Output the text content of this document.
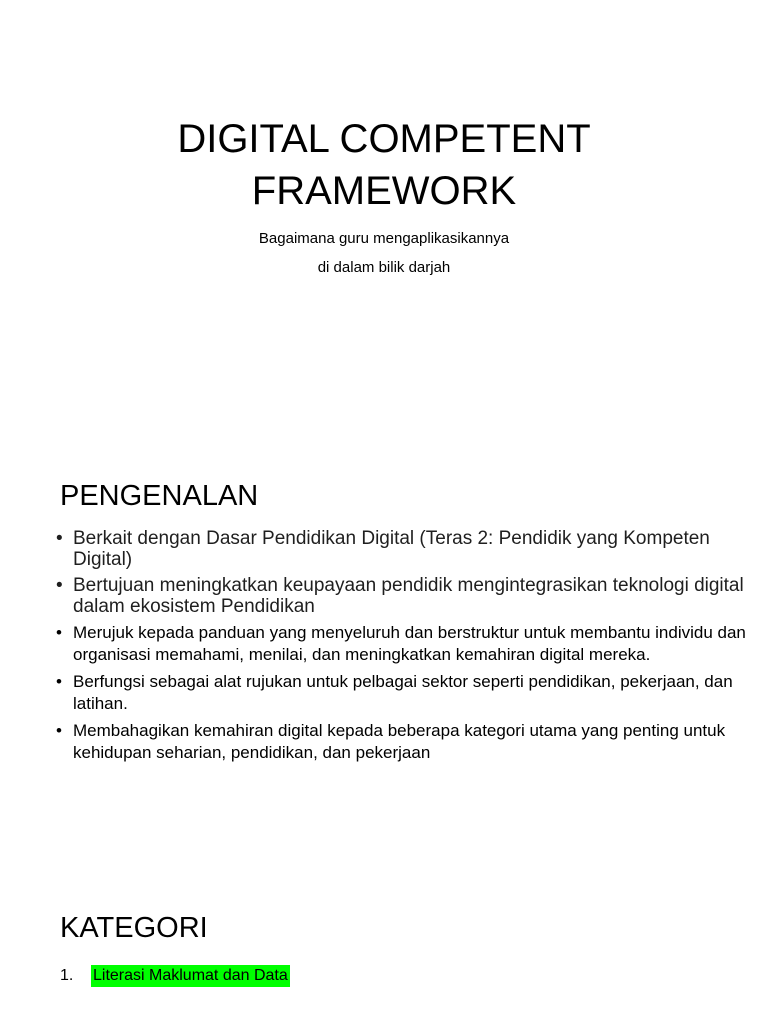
DIGITAL COMPETENT
FRAMEWORK

Bagaimana guru mengaplikasikannya

di dalam bilik darjah

PENGENALAN
• Berkait dengan Dasar Pendidikan Digital (Teras 2: Pendidik yang Kompeten Digital)
• Bertujuan meningkatkan keupayaan pendidik mengintegrasikan teknologi digital dalam ekosistem Pendidikan
• Merujuk kepada panduan yang menyeluruh dan berstruktur untuk membantu individu dan organisasi memahami, menilai, dan meningkatkan kemahiran digital mereka.
• Berfungsi sebagai alat rujukan untuk pelbagai sektor seperti pendidikan, pekerjaan, dan latihan.
• Membahagikan kemahiran digital kepada beberapa kategori utama yang penting untuk kehidupan seharian, pendidikan, dan pekerjaan
KATEGORI
1.	Literasi Maklumat dan Data
